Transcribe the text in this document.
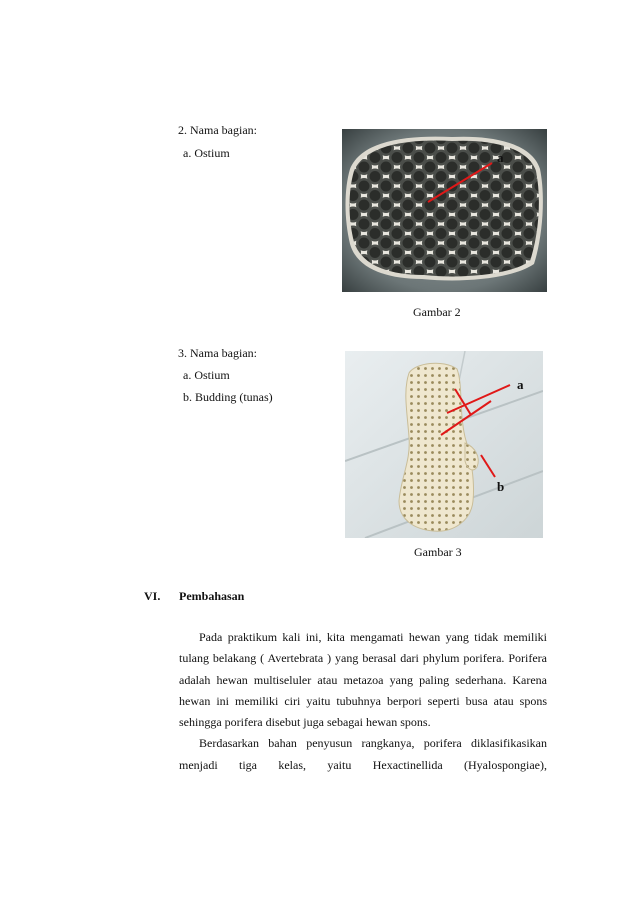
2. Nama bagian:
a. Ostium	a
Gambar 2
3. Nama bagian:
a. Ostium
b. Budding (tunas)
a
b
Gambar 3
VI. Pembahasan

Pada praktikum kali ini, kita mengamati hewan yang tidak memiliki tulang belakang ( Avertebrata ) yang berasal dari phylum porifera. Porifera adalah hewan multiseluler atau metazoa yang paling sederhana. Karena hewan ini memiliki ciri yaitu tubuhnya berpori seperti busa atau spons sehingga porifera disebut juga sebagai hewan spons.

Berdasarkan bahan penyusun rangkanya, porifera diklasifikasikan menjadi tiga kelas, yaitu Hexactinellida (Hyalospongiae),
